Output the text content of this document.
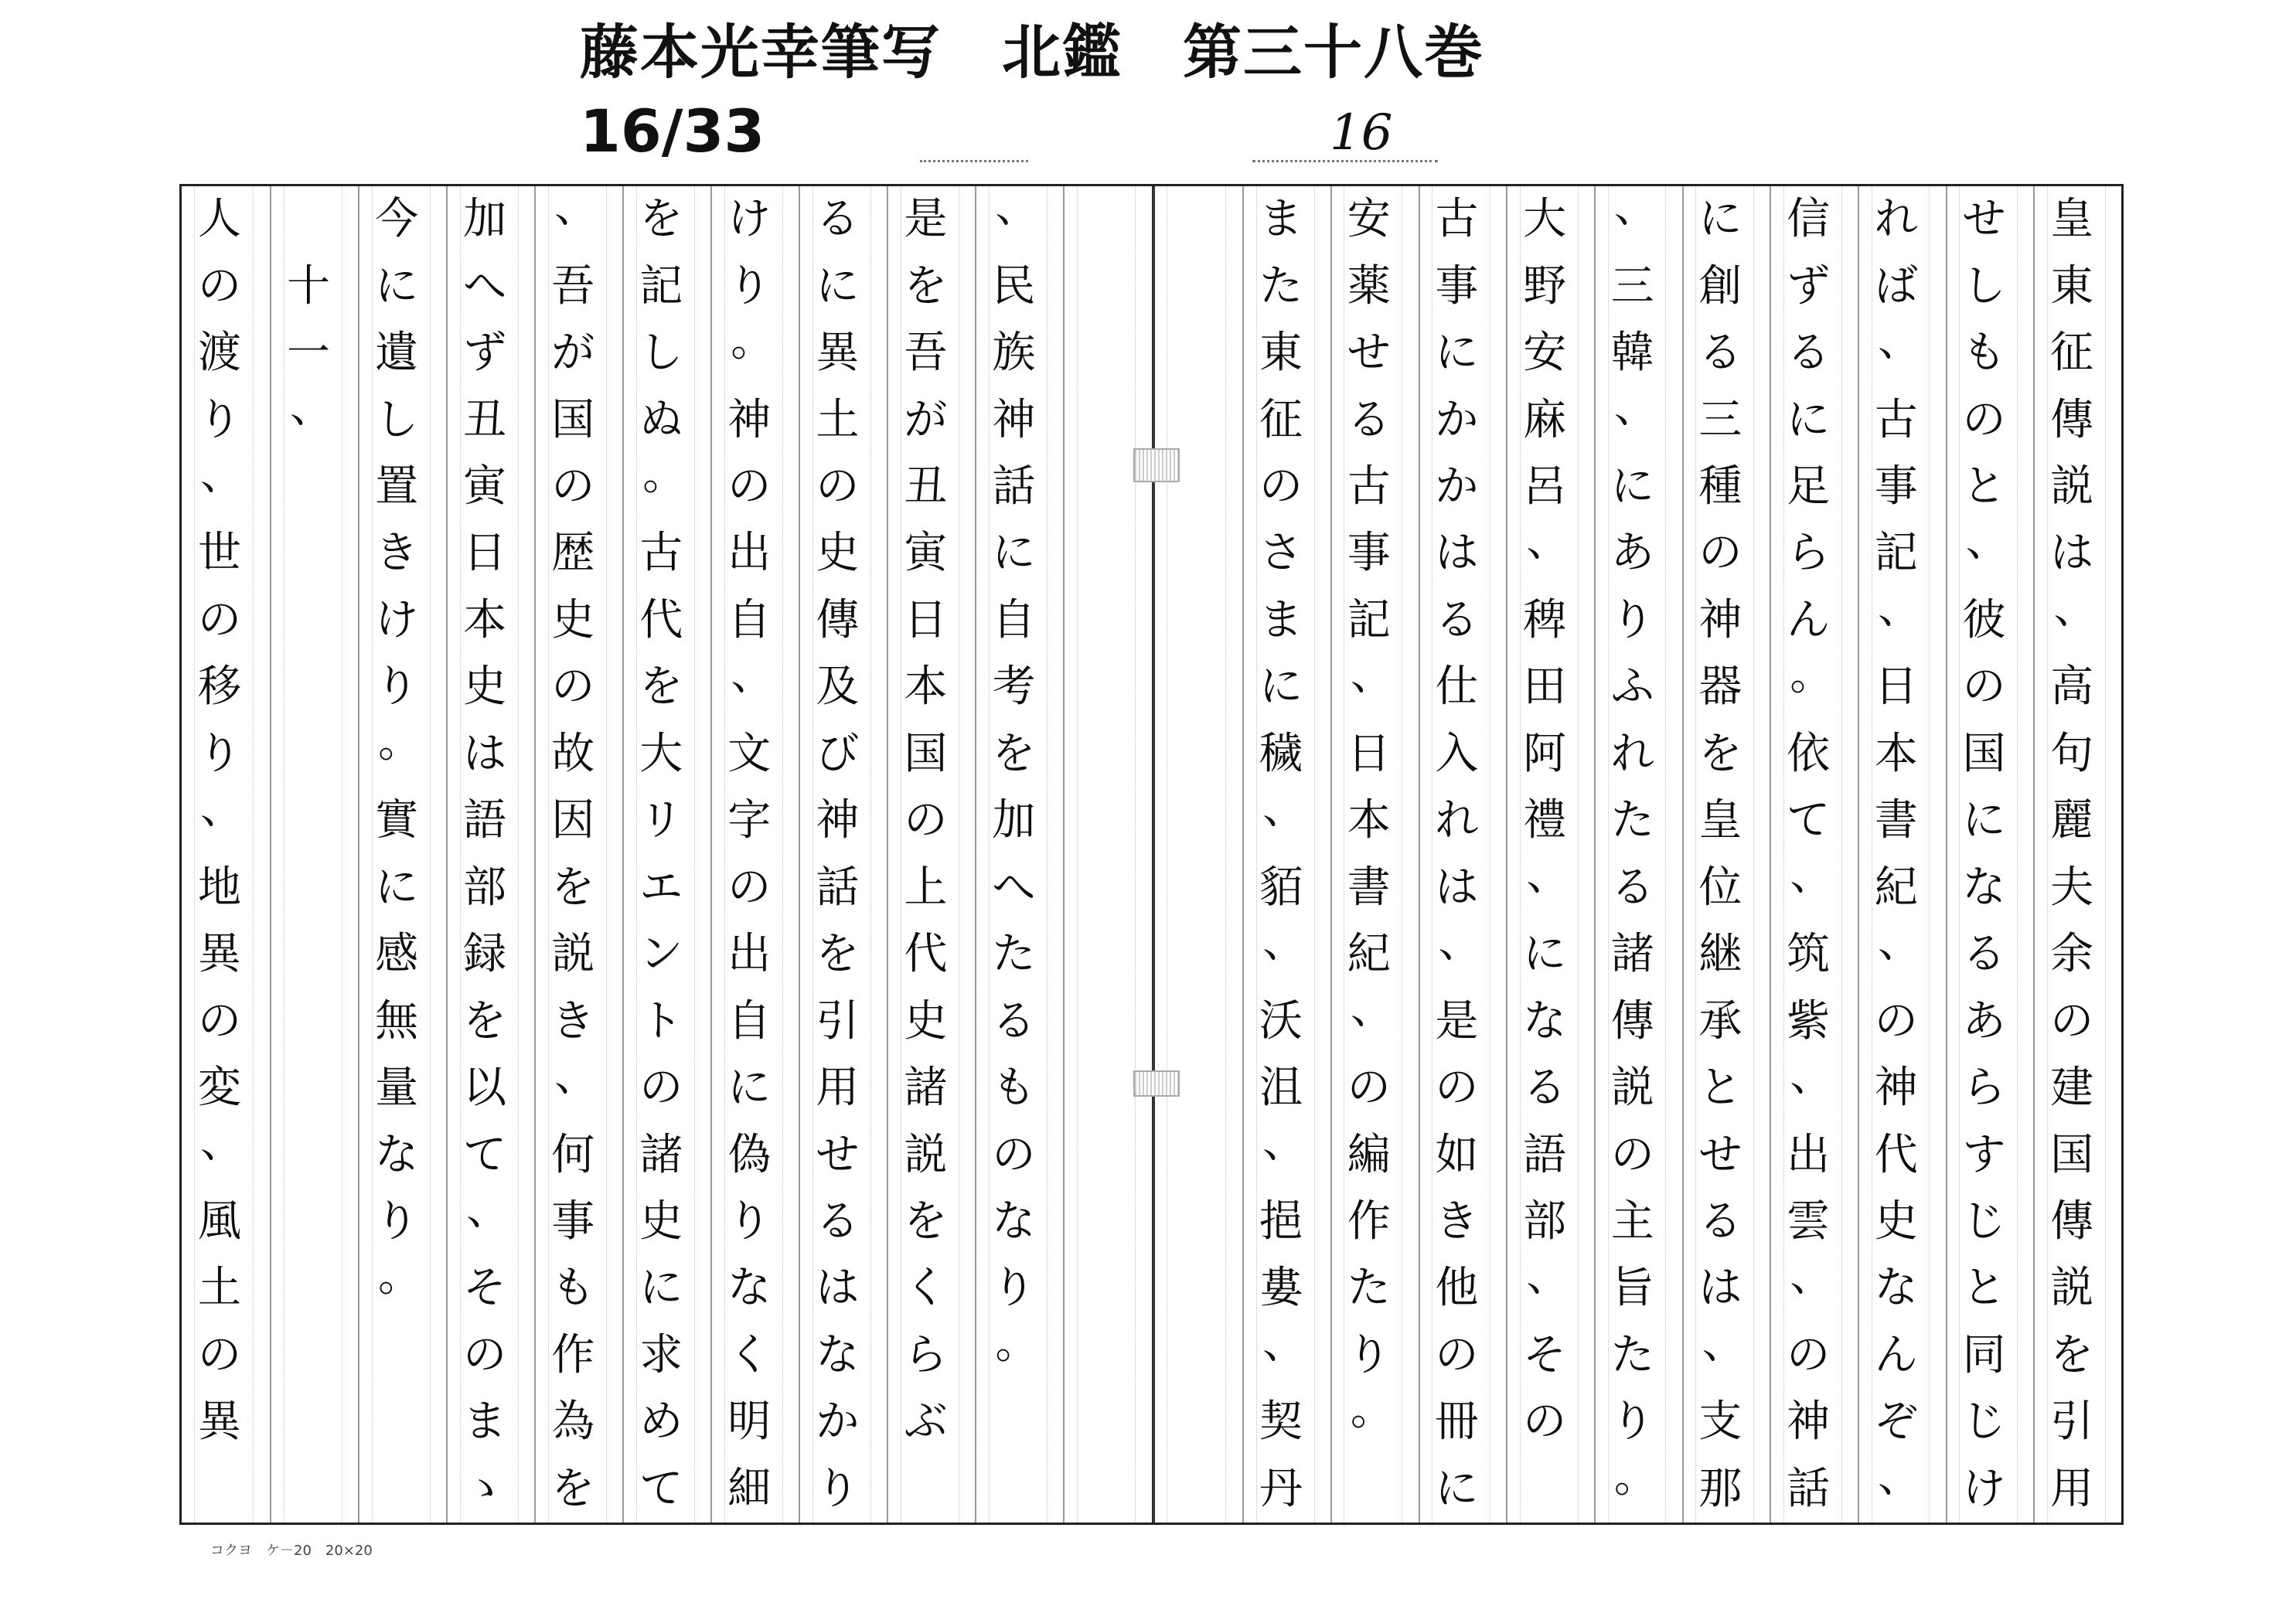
藤本光幸筆写　北鑑　第三十八巻
16/33	16
人
の
渡
り
、
世
の
移
り
、
地
異
の
変
、
風
土
の
異
十
一
、
今
に
遺
し
置
き
け
り
。
實
に
感
無
量
な
り
。
加
へ
ず
丑
寅
日
本
史
は
語
部
録
を
以
て
、
そ
の
ま
ゝ
、
吾
が
国
の
歴
史
の
故
因
を
説
き
、
何
事
も
作
為
を
を
記
し
ぬ
。
古
代
を
大
リ
エ
ン
ト
の
諸
史
に
求
め
て
け
り
。
神
の
出
自
、
文
字
の
出
自
に
偽
り
な
く
明
細
る
に
異
土
の
史
傳
及
び
神
話
を
引
用
せ
る
は
な
か
り
是
を
吾
が
丑
寅
日
本
国
の
上
代
史
諸
説
を
く
ら
ぶ
、
民
族
神
話
に
自
考
を
加
へ
た
る
も
の
な
り
。
ま
た
東
征
の
さ
ま
に
穢
、
貊
、
沃
沮
、
挹
婁
、
契
丹
安
薬
せ
る
古
事
記
、
日
本
書
紀
、
の
編
作
た
り
。
古
事
に
か
か
は
る
仕
入
れ
は
、
是
の
如
き
他
の
冊
に
大
野
安
麻
呂
、
稗
田
阿
禮
、
に
な
る
語
部
、
そ
の
、
三
韓
、
に
あ
り
ふ
れ
た
る
諸
傳
説
の
主
旨
た
り
。
に
創
る
三
種
の
神
器
を
皇
位
継
承
と
せ
る
は
、
支
那
信
ず
る
に
足
ら
ん
。
依
て
、
筑
紫
、
出
雲
、
の
神
話
れ
ば
、
古
事
記
、
日
本
書
紀
、
の
神
代
史
な
ん
ぞ
、
せ
し
も
の
と
、
彼
の
国
に
な
る
あ
ら
す
じ
と
同
じ
け
皇
東
征
傳
説
は
、
高
句
麗
夫
余
の
建
国
傳
説
を
引
用
コクヨ　ケ－20　20×20
